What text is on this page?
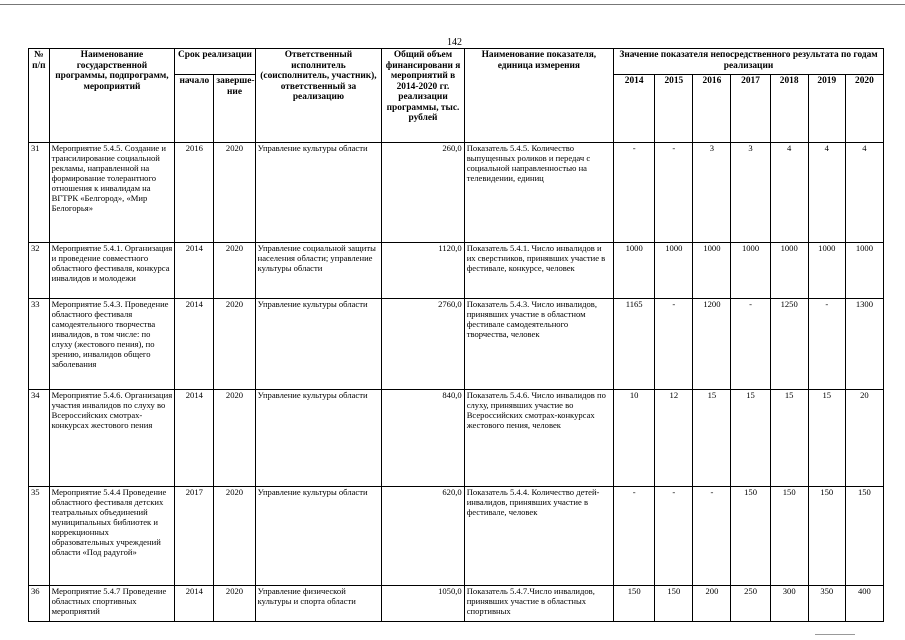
142
№ п/п	Наименование государственной программы, подпрограмм, мероприятий	Срок реализации		Ответственный исполнитель (соисполнитель, участник), ответственный за реализацию	Общий объем финансировани я мероприятий в 2014-2020 гг. реализации программы, тыс. рублей	Наименование показателя, единица измерения	Значение показателя непосредственного результата по годам реализации						
		начало	заверше-ние				2014	2015	2016	2017	2018	2019	2020
31	Мероприятие 5.4.5. Создание и трансилирование социальной рекламы, направленной на формирование толерантного отношения к инвалидам на ВГТРК «Белгород», «Мир Белогорья»	2016	2020	Управление культуры области	260,0	Показатель 5.4.5. Количество выпущенных роликов и передач с социальной направленностью на телевидении, единиц	-	-	3	3	4	4	4
32	Мероприятие 5.4.1. Организация и проведение совместного областного фестиваля, конкурса инвалидов и молодежи	2014	2020	Управление социальной защиты населения области; управление культуры области	1120,0	Показатель 5.4.1. Число инвалидов и их сверстников, принявших участие в фестивале, конкурсе, человек	1000	1000	1000	1000	1000	1000	1000
33	Мероприятие 5.4.3. Проведение областного фестиваля самодеятельного творчества инвалидов, в том числе: по слуху (жестового пения), по зрению, инвалидов общего заболевания	2014	2020	Управление культуры области	2760,0	Показатель 5.4.3. Число инвалидов, принявших участие в областном фестивале самодеятельного творчества, человек	1165	-	1200	-	1250	-	1300
34	Мероприятие 5.4.6. Организация участия инвалидов по слуху во Всероссийских смотрах-конкурсах жестового пения	2014	2020	Управление культуры области	840,0	Показатель 5.4.6. Число инвалидов по слуху, принявших участие во Всероссийских смотрах-конкурсах жестового пения, человек	10	12	15	15	15	15	20
35	Мероприятие 5.4.4 Проведение областного фестиваля детских театральных объединений муниципальных библиотек и коррекционных образовательных учреждений области «Под радугой»	2017	2020	Управление культуры области	620,0	Показатель 5.4.4. Количество детей-инвалидов, принявших участие в фестивале, человек	-	-	-	150	150	150	150
36	Мероприятие 5.4.7 Проведение областных спортивных мероприятий	2014	2020	Управление физической культуры и спорта области	1050,0	Показатель 5.4.7.Число инвалидов, принявших участие в областных спортивных	150	150	200	250	300	350	400
